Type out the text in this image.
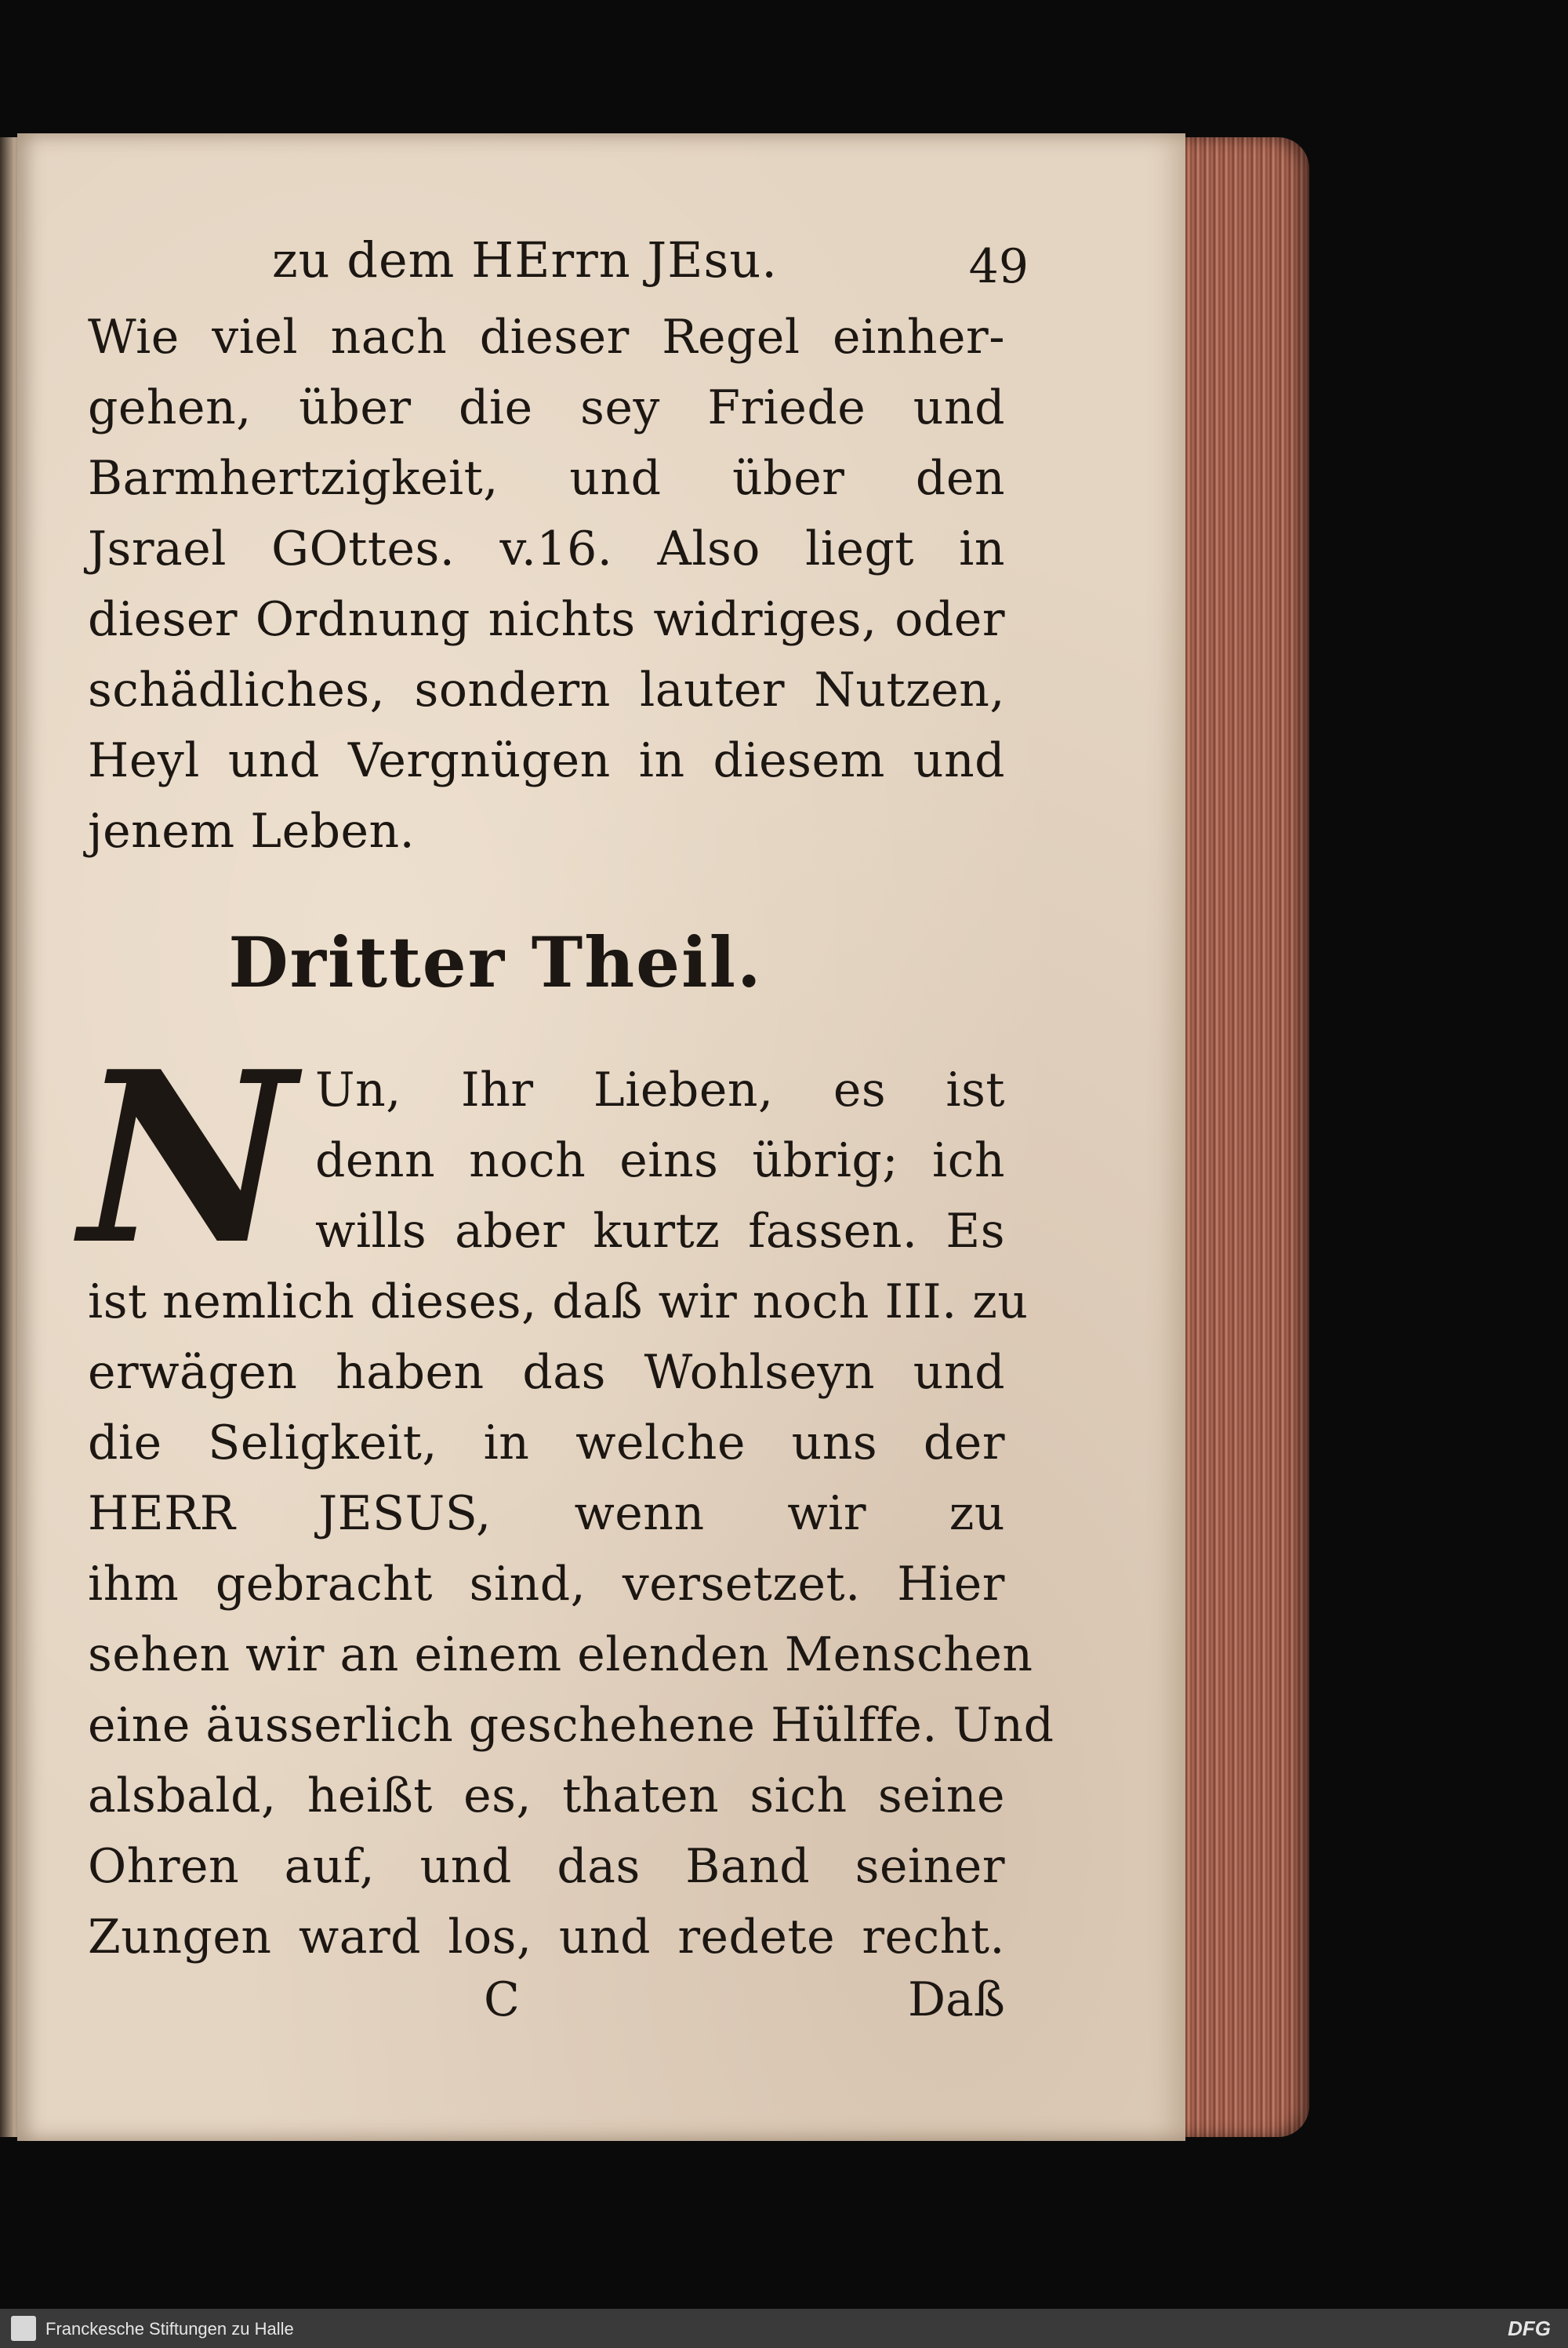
zu dem HErrn JEsu.	49
Wie viel nach dieser Regel einher-
gehen, über die sey Friede und
Barmhertzigkeit, und über den
Jsrael GOttes. v.16. Also liegt in
dieser Ordnung nichts widriges, oder
schädliches, sondern lauter Nutzen,
Heyl und Vergnügen in diesem und
jenem Leben.
Dritter Theil.
N Un, Ihr Lieben, es ist
denn noch eins übrig; ich
wills aber kurtz fassen. Es
ist nemlich dieses, daß wir noch III. zu
erwägen haben das Wohlseyn und
die Seligkeit, in welche uns der
HERR JESUS, wenn wir zu
ihm gebracht sind, versetzet. Hier
sehen wir an einem elenden Menschen
eine äusserlich geschehene Hülffe. Und
alsbald, heißt es, thaten sich seine
Ohren auf, und das Band seiner
Zungen ward los, und redete recht.
C	Daß
Franckesche Stiftungen zu Halle	DFG
